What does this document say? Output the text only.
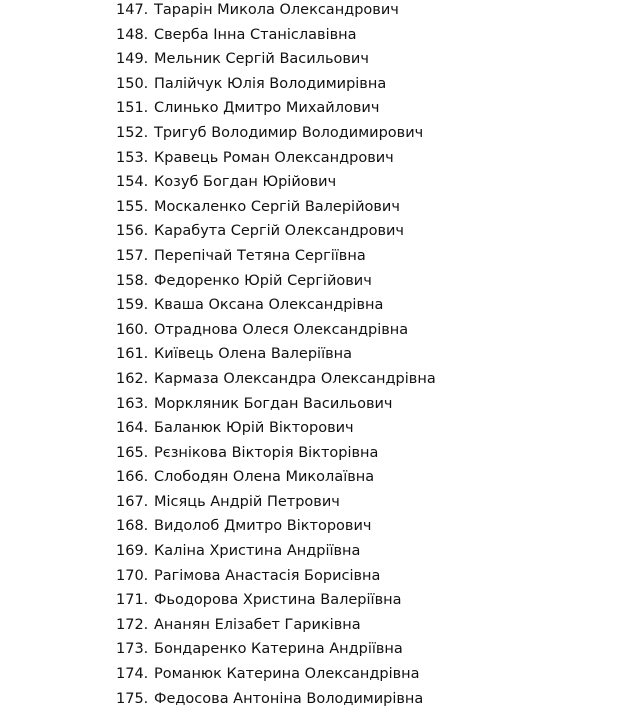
147. Тарарін Микола Олександрович
148. Сверба Інна Станіславівна
149. Мельник Сергій Васильович
150. Палійчук Юлія Володимирівна
151. Слинько Дмитро Михайлович
152. Тригуб Володимир Володимирович
153. Кравець Роман Олександрович
154. Козуб Богдан Юрійович
155. Москаленко Сергій Валерійович
156. Карабута Сергій Олександрович
157. Перепічай Тетяна Сергіївна
158. Федоренко Юрій Сергійович
159. Кваша Оксана Олександрівна
160. Отраднова Олеся Олександрівна
161. Київець Олена Валеріївна
162. Кармаза Олександра Олександрівна
163. Моркляник Богдан Васильович
164. Баланюк Юрій Вікторович
165. Рєзнікова Вікторія Вікторівна
166. Слободян Олена Миколаївна
167. Місяць Андрій Петрович
168. Видолоб Дмитро Вікторович
169. Каліна Христина Андріївна
170. Рагімова Анастасія Борисівна
171. Фьодорова Христина Валеріївна
172. Ананян Елізабет Гариківна
173. Бондаренко Катерина Андріївна
174. Романюк Катерина Олександрівна
175. Федосова Антоніна Володимирівна
